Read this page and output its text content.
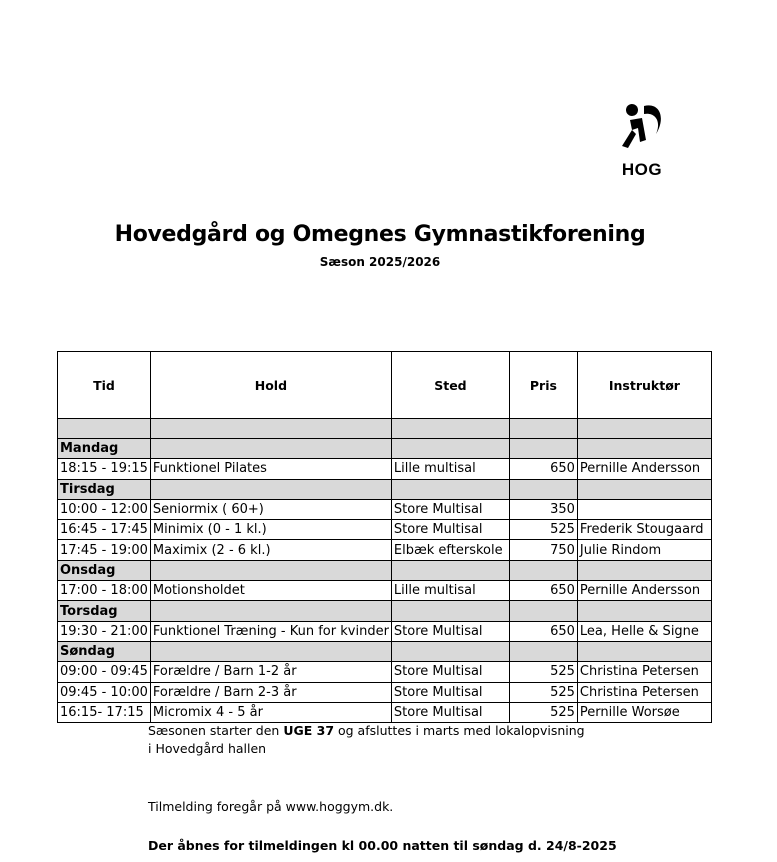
HOG
Hovedgård og Omegnes Gymnastikforening
Sæson 2025/2026
Tid	Hold	Sted	Pris	Instruktør

Mandag				
18:15 - 19:15	Funktionel Pilates	Lille multisal	650	Pernille Andersson
Tirsdag				
10:00 - 12:00	Seniormix ( 60+)	Store Multisal	350	
16:45 - 17:45	Minimix (0 - 1 kl.)	Store Multisal	525	Frederik Stougaard
17:45 - 19:00	Maximix (2 - 6 kl.)	Elbæk efterskole	750	Julie Rindom
Onsdag				
17:00 - 18:00	Motionsholdet	Lille multisal	650	Pernille Andersson
Torsdag				
19:30 - 21:00	Funktionel Træning - Kun for kvinder	Store Multisal	650	Lea, Helle & Signe
Søndag				
09:00 - 09:45	Forældre / Barn 1-2 år	Store Multisal	525	Christina Petersen
09:45 - 10:00	Forældre / Barn 2-3 år	Store Multisal	525	Christina Petersen
16:15- 17:15	Micromix 4 - 5 år	Store Multisal	525	Pernille Worsøe
Sæsonen starter den UGE 37 og afsluttes i marts med lokalopvisning i Hovedgård hallen
Tilmelding foregår på www.hoggym.dk.
Der åbnes for tilmeldingen kl 00.00 natten til søndag d. 24/8-2025
